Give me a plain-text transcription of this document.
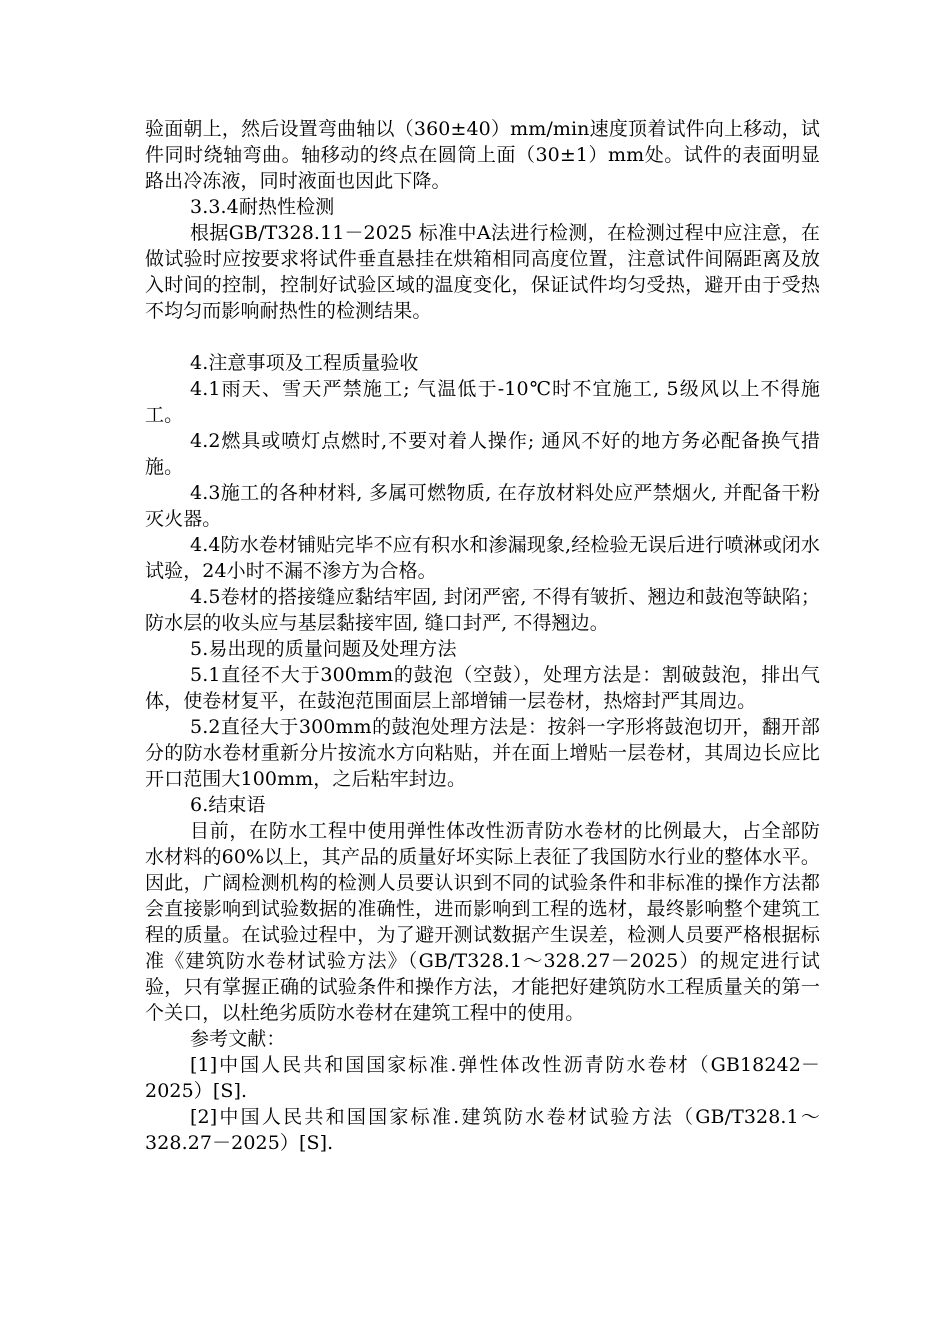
验面朝上，然后设置弯曲轴以（360±40）mm/min速度顶着试件向上移动，试件同时绕轴弯曲。轴移动的终点在圆筒上面（30±1）mm处。试件的表面明显路出冷冻液，同时液面也因此下降。

3.3.4耐热性检测

根据GB/T328.11－2025 标准中A法进行检测，在检测过程中应注意，在做试验时应按要求将试件垂直悬挂在烘箱相同高度位置，注意试件间隔距离及放入时间的控制，控制好试验区域的温度变化，保证试件均匀受热，避开由于受热不均匀而影响耐热性的检测结果。

4.注意事项及工程质量验收

4.1雨天、雪天严禁施工; 气温低于-10℃时不宜施工, 5级风以上不得施工。

4.2燃具或喷灯点燃时,不要对着人操作; 通风不好的地方务必配备换气措施。

4.3施工的各种材料, 多属可燃物质, 在存放材料处应严禁烟火, 并配备干粉灭火器。

4.4防水卷材铺贴完毕不应有积水和渗漏现象,经检验无误后进行喷淋或闭水试验，24小时不漏不渗方为合格。

4.5卷材的搭接缝应黏结牢固, 封闭严密, 不得有皱折、翘边和鼓泡等缺陷；防水层的收头应与基层黏接牢固, 缝口封严, 不得翘边。

5.易出现的质量问题及处理方法

5.1直径不大于300mm的鼓泡（空鼓），处理方法是：割破鼓泡，排出气体，使卷材复平，在鼓泡范围面层上部增铺一层卷材，热熔封严其周边。

5.2直径大于300mm的鼓泡处理方法是：按斜一字形将鼓泡切开，翻开部分的防水卷材重新分片按流水方向粘贴，并在面上增贴一层卷材，其周边长应比开口范围大100mm，之后粘牢封边。

6.结束语

目前，在防水工程中使用弹性体改性沥青防水卷材的比例最大，占全部防水材料的60%以上，其产品的质量好坏实际上表征了我国防水行业的整体水平。因此，广阔检测机构的检测人员要认识到不同的试验条件和非标准的操作方法都会直接影响到试验数据的准确性，进而影响到工程的选材，最终影响整个建筑工程的质量。在试验过程中，为了避开测试数据产生误差，检测人员要严格根据标准《建筑防水卷材试验方法》（GB/T328.1～328.27－2025）的规定进行试验，只有掌握正确的试验条件和操作方法，才能把好建筑防水工程质量关的第一个关口，以杜绝劣质防水卷材在建筑工程中的使用。

参考文献：

[1]中国人民共和国国家标准.弹性体改性沥青防水卷材（GB18242－2025）[S].

[2]中国人民共和国国家标准.建筑防水卷材试验方法（GB/T328.1～328.27－2025）[S].
